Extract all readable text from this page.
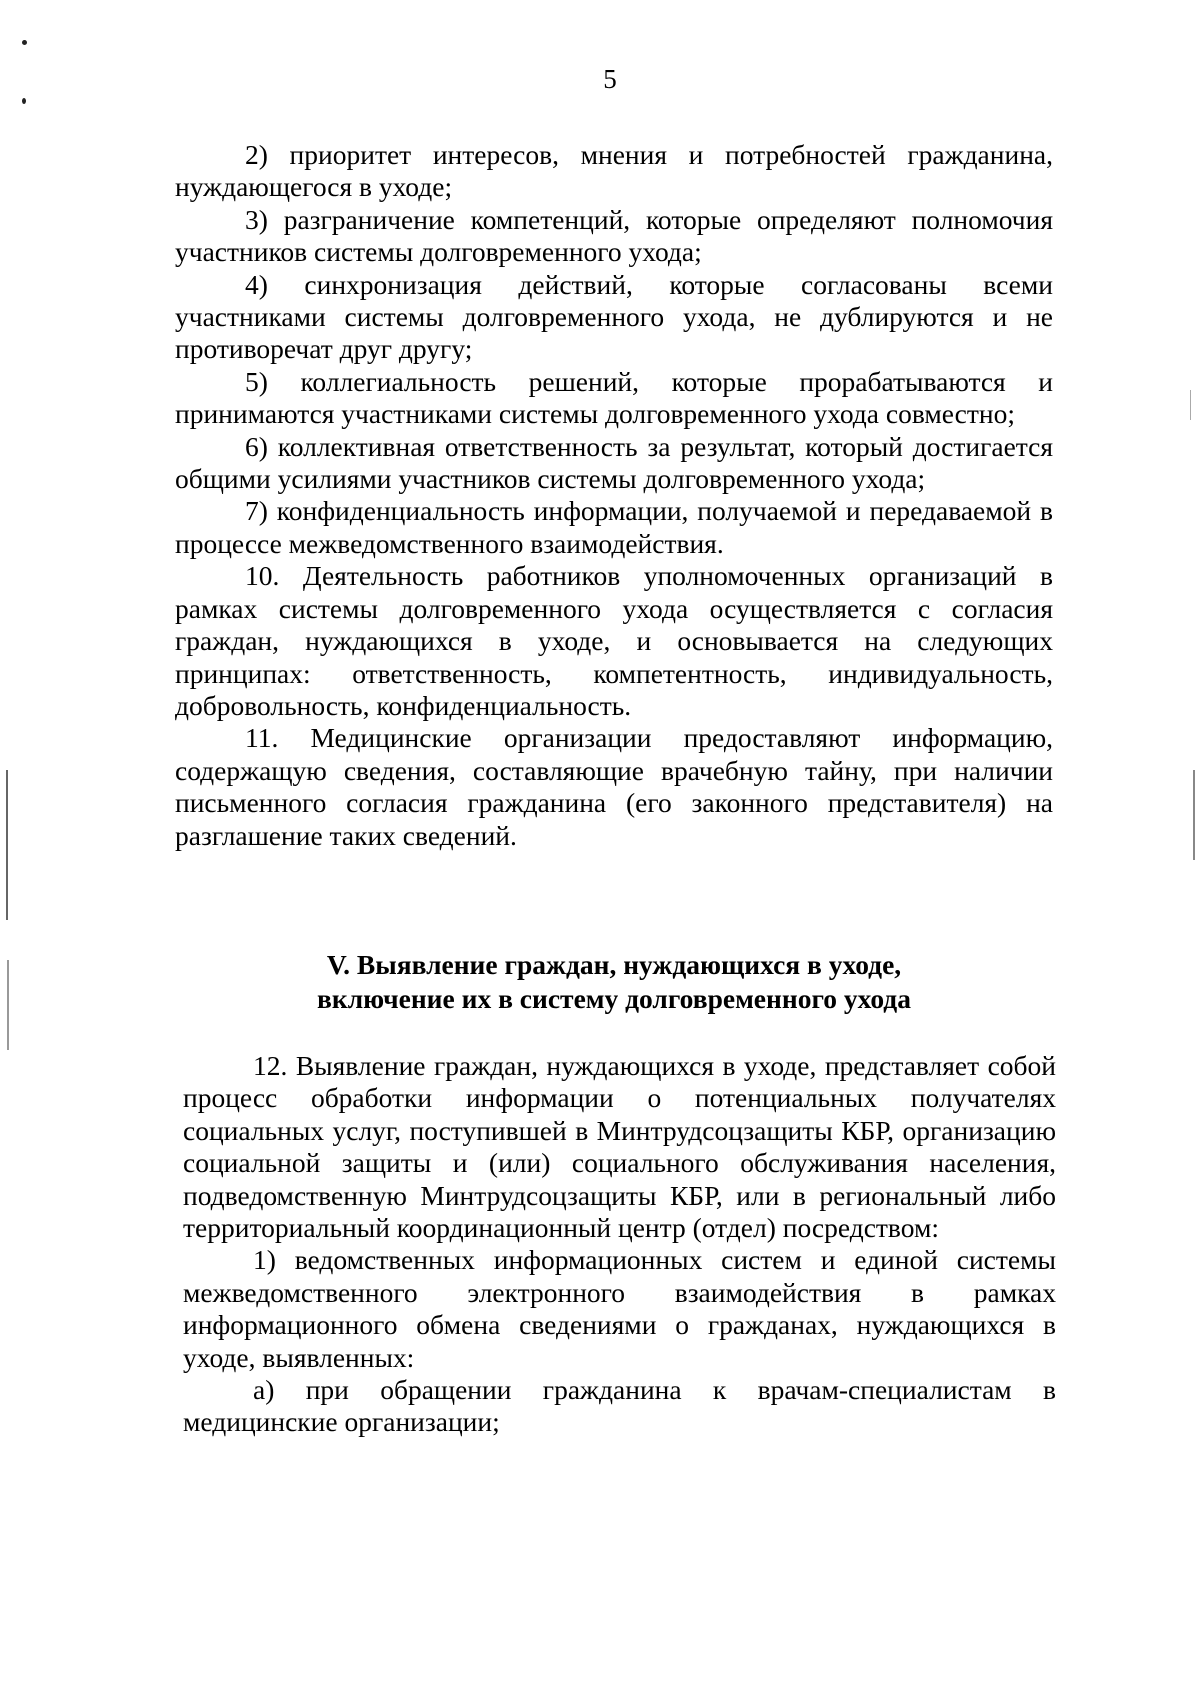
5

2) приоритет интересов, мнения и потребностей гражданина, нуждающегося в уходе;

3) разграничение компетенций, которые определяют полномочия участников системы долговременного ухода;

4) синхронизация действий, которые согласованы всеми участниками системы долговременного ухода, не дублируются и не противоречат друг другу;

5) коллегиальность решений, которые прорабатываются и принимаются участниками системы долговременного ухода совместно;

6) коллективная ответственность за результат, который достигается общими усилиями участников системы долговременного ухода;

7) конфиденциальность информации, получаемой и передаваемой в процессе межведомственного взаимодействия.

10. Деятельность работников уполномоченных организаций в рамках системы долговременного ухода осуществляется с согласия граждан, нуждающихся в уходе, и основывается на следующих принципах: ответственность, компетентность, индивидуальность, добровольность, конфиденциальность.

11. Медицинские организации предоставляют информацию, содержащую сведения, составляющие врачебную тайну, при наличии письменного согласия гражданина (его законного представителя) на разглашение таких сведений.

V. Выявление граждан, нуждающихся в уходе,
включение их в систему долговременного ухода

12. Выявление граждан, нуждающихся в уходе, представляет собой процесс обработки информации о потенциальных получателях социальных услуг, поступившей в Минтрудсоцзащиты КБР, организацию социальной защиты и (или) социального обслуживания населения, подведомственную Минтрудсоцзащиты КБР, или в региональный либо территориальный координационный центр (отдел) посредством:

1) ведомственных информационных систем и единой системы межведомственного электронного взаимодействия в рамках информационного обмена сведениями о гражданах, нуждающихся в уходе, выявленных:

а) при обращении гражданина к врачам-специалистам в медицинские организации;
